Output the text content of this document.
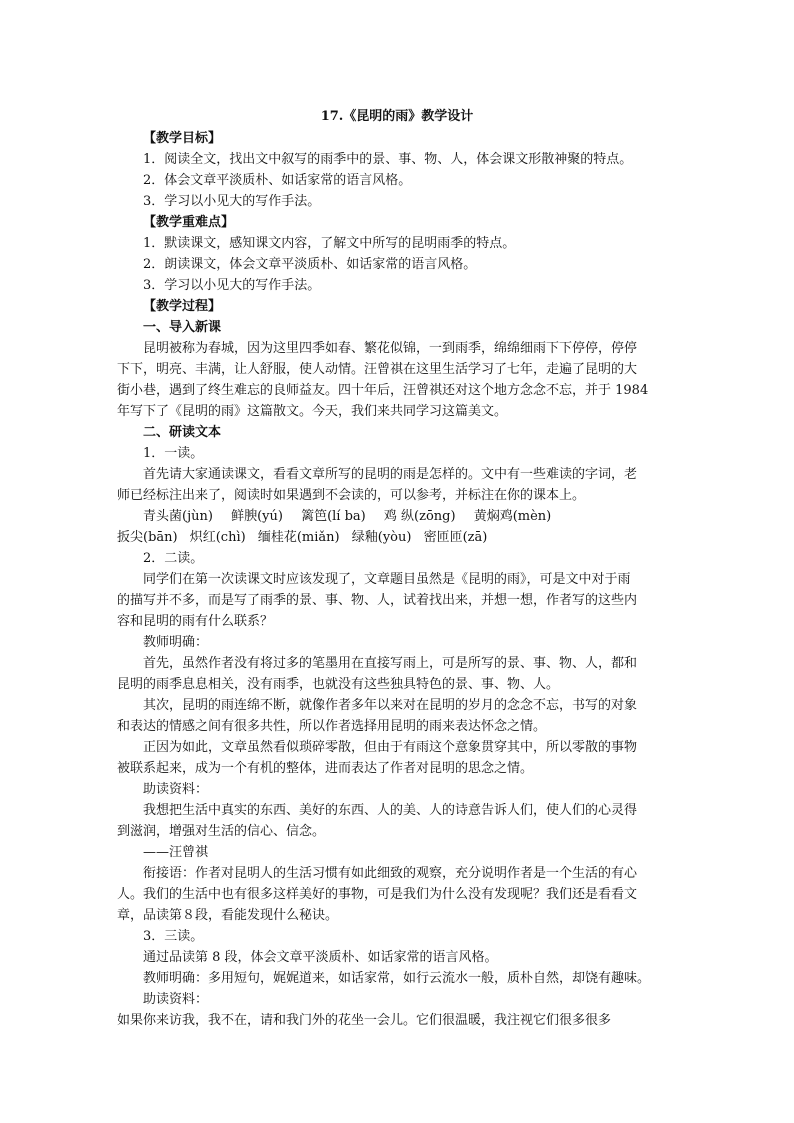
17.《昆明的雨》教学设计
【教学目标】
1．阅读全文，找出文中叙写的雨季中的景、事、物、人，体会课文形散神聚的特点。
2．体会文章平淡质朴、如话家常的语言风格。
3．学习以小见大的写作手法。
【教学重难点】
1．默读课文，感知课文内容，了解文中所写的昆明雨季的特点。
2．朗读课文，体会文章平淡质朴、如话家常的语言风格。
3．学习以小见大的写作手法。
【教学过程】
一、导入新课
昆明被称为春城，因为这里四季如春、繁花似锦，一到雨季，绵绵细雨下下停停，停停
下下，明亮、丰满，让人舒服，使人动情。汪曾祺在这里生活学习了七年，走遍了昆明的大
街小巷，遇到了终生难忘的良师益友。四十年后，汪曾祺还对这个地方念念不忘，并于 1984
年写下了《昆明的雨》这篇散文。今天，我们来共同学习这篇美文。
二、研读文本
1．一读。
首先请大家通读课文，看看文章所写的昆明的雨是怎样的。文中有一些难读的字词，老
师已经标注出来了，阅读时如果遇到不会读的，可以参考，并标注在你的课本上。
青头菌(jùn) 鲜腴(yú) 篱笆(lí ba) 鸡 纵(zōng) 黄焖鸡(mèn)
扳尖(bān) 炽红(chì) 缅桂花(miǎn) 绿釉(yòu) 密匝匝(zā)
2．二读。
同学们在第一次读课文时应该发现了，文章题目虽然是《昆明的雨》，可是文中对于雨
的描写并不多，而是写了雨季的景、事、物、人，试着找出来，并想一想，作者写的这些内
容和昆明的雨有什么联系？
教师明确：
首先，虽然作者没有将过多的笔墨用在直接写雨上，可是所写的景、事、物、人，都和
昆明的雨季息息相关，没有雨季，也就没有这些独具特色的景、事、物、人。
其次，昆明的雨连绵不断，就像作者多年以来对在昆明的岁月的念念不忘，书写的对象
和表达的情感之间有很多共性，所以作者选择用昆明的雨来表达怀念之情。
正因为如此，文章虽然看似琐碎零散，但由于有雨这个意象贯穿其中，所以零散的事物
被联系起来，成为一个有机的整体，进而表达了作者对昆明的思念之情。
助读资料：
我想把生活中真实的东西、美好的东西、人的美、人的诗意告诉人们，使人们的心灵得
到滋润，增强对生活的信心、信念。
——汪曾祺
衔接语：作者对昆明人的生活习惯有如此细致的观察，充分说明作者是一个生活的有心
人。我们的生活中也有很多这样美好的事物，可是我们为什么没有发现呢？我们还是看看文
章，品读第８段，看能发现什么秘诀。
3．三读。
通过品读第 8 段，体会文章平淡质朴、如话家常的语言风格。
教师明确：多用短句，娓娓道来，如话家常，如行云流水一般，质朴自然，却饶有趣味。
助读资料：
如果你来访我，我不在，请和我门外的花坐一会儿。它们很温暖，我注视它们很多很多
